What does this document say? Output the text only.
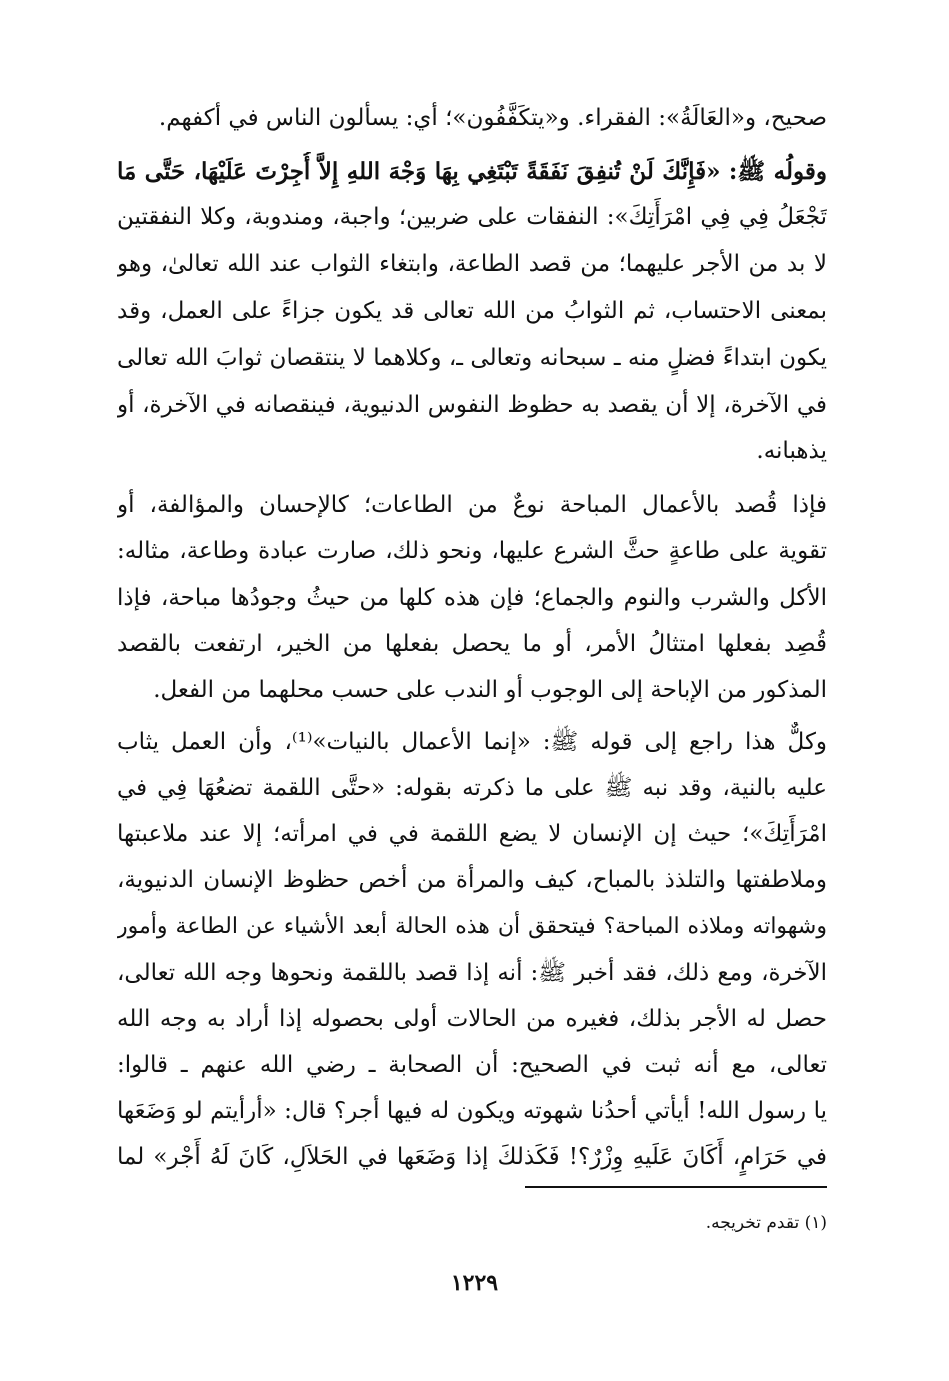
صحيح، و«العَالَةُ»: الفقراء. و«يتكَفَّفُون»؛ أي: يسألون الناس في أكفهم.
وقولُه ﷺ: «فَإِنَّكَ لَنْ تُنفِقَ نَفَقَةً تَبْتَغِي بِهَا وَجْهَ اللهِ إِلاَّ أُجِرْتَ عَلَيْهَا، حَتَّى مَا
تَجْعَلُ فِي فِي امْرَأَتِكَ»: النفقات على ضربين؛ واجبة، ومندوبة، وكلا النفقتين
لا بد من الأجر عليهما؛ من قصد الطاعة، وابتغاء الثواب عند الله تعالىٰ، وهو
بمعنى الاحتساب، ثم الثوابُ من الله تعالى قد يكون جزاءً على العمل، وقد
يكون ابتداءً فضلٍ منه ـ سبحانه وتعالى ـ، وكلاهما لا ينتقصان ثوابَ الله تعالى
في الآخرة، إلا أن يقصد به حظوظ النفوس الدنيوية، فينقصانه في الآخرة، أو
يذهبانه.
فإذا قُصد بالأعمال المباحة نوعٌ من الطاعات؛ كالإحسان والمؤالفة، أو
تقوية على طاعةٍ حثَّ الشرع عليها، ونحو ذلك، صارت عبادة وطاعة، مثاله:
الأكل والشرب والنوم والجماع؛ فإن هذه كلها من حيثُ وجودُها مباحة، فإذا
قُصِد بفعلها امتثالُ الأمر، أو ما يحصل بفعلها من الخير، ارتفعت بالقصد
المذكور من الإباحة إلى الوجوب أو الندب على حسب محلهما من الفعل.
وكلٌّ هذا راجع إلى قوله ﷺ: «إنما الأعمال بالنيات»⁽¹⁾، وأن العمل يثاب
عليه بالنية، وقد نبه ﷺ على ما ذكرته بقوله: «حتَّى اللقمة تضعُهَا فِي في
امْرَأَتِكَ»؛ حيث إن الإنسان لا يضع اللقمة في في امرأته؛ إلا عند ملاعبتها
وملاطفتها والتلذذ بالمباح، كيف والمرأة من أخص حظوظ الإنسان الدنيوية،
وشهواته وملاذه المباحة؟ فيتحقق أن هذه الحالة أبعد الأشياء عن الطاعة وأمور
الآخرة، ومع ذلك، فقد أخبر ﷺ: أنه إذا قصد باللقمة ونحوها وجه الله تعالى،
حصل له الأجر بذلك، فغيره من الحالات أولى بحصوله إذا أراد به وجه الله
تعالى، مع أنه ثبت في الصحيح: أن الصحابة ـ رضي الله عنهم ـ قالوا:
يا رسول الله! أيأتي أحدُنا شهوته ويكون له فيها أجر؟ قال: «أرأيتم لو وَضَعَها
في حَرَامٍ، أَكَانَ عَلَيهِ وِزْرٌ؟! فَكَذلكَ إذا وَضَعَها في الحَلاَلِ، كَانَ لَهُ أَجْر» لما
(١) تقدم تخريجه.
١٢٢٩
